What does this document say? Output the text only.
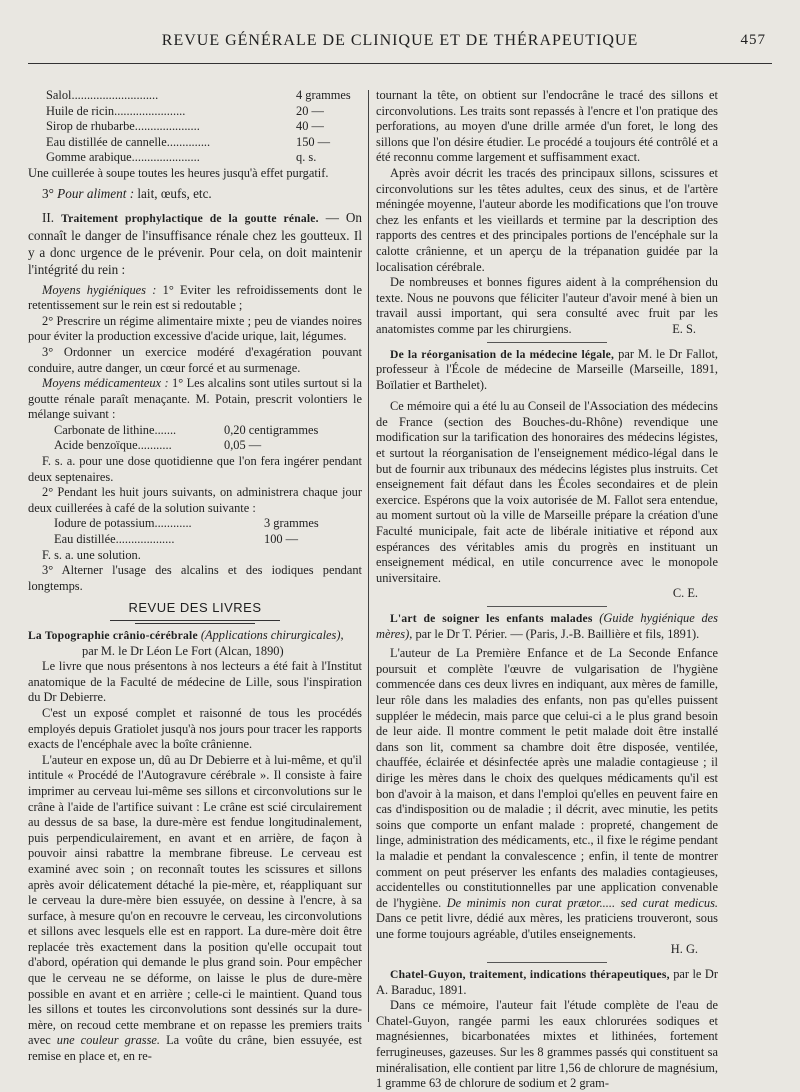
REVUE GÉNÉRALE DE CLINIQUE ET DE THÉRAPEUTIQUE	457
Salol............................	4 grammes
Huile de ricin.......................	20 —
Sirop de rhubarbe.....................	40 —
Eau distillée de cannelle..............	150 —
Gomme arabique......................	q. s.

Une cuillerée à soupe toutes les heures jusqu'à effet purgatif.

3° Pour aliment : lait, œufs, etc.

II. Traitement prophylactique de la goutte rénale. — On connaît le danger de l'insuffisance rénale chez les goutteux. Il y a donc urgence de le prévenir. Pour cela, on doit maintenir l'intégrité du rein :

Moyens hygiéniques : 1° Eviter les refroidissements dont le retentissement sur le rein est si redoutable ;

2° Prescrire un régime alimentaire mixte ; peu de viandes noires pour éviter la production excessive d'acide urique, lait, légumes.

3° Ordonner un exercice modéré d'exagération pouvant conduire, autre danger, un cœur forcé et au surmenage.

Moyens médicamenteux : 1° Les alcalins sont utiles surtout si la goutte rénale paraît menaçante. M. Potain, prescrit volontiers le mélange suivant :

Carbonate de lithine.......	0,20 centigrammes
Acide benzoïque...........	0,05 —

F. s. a. pour une dose quotidienne que l'on fera ingérer pendant deux septenaires.

2° Pendant les huit jours suivants, on administrera chaque jour deux cuillerées à café de la solution suivante :

Iodure de potassium............	3 grammes
Eau distillée...................	100 —

F. s. a. une solution.

3° Alterner l'usage des alcalins et des iodiques pendant longtemps.

REVUE DES LIVRES

La Topographie crânio-cérébrale (Applications chirurgicales),

par M. le Dr Léon Le Fort (Alcan, 1890)

Le livre que nous présentons à nos lecteurs a été fait à l'Institut anatomique de la Faculté de médecine de Lille, sous l'inspiration du Dr Debierre.

C'est un exposé complet et raisonné de tous les procédés employés depuis Gratiolet jusqu'à nos jours pour tracer les rapports exacts de l'encéphale avec la boîte crânienne.

L'auteur en expose un, dû au Dr Debierre et à lui-même, et qu'il intitule « Procédé de l'Autogravure cérébrale ». Il consiste à faire imprimer au cerveau lui-même ses sillons et circonvolutions sur le crâne à l'aide de l'artifice suivant : Le crâne est scié circulairement au dessus de sa base, la dure-mère est fendue longitudinalement, puis perpendiculairement, en avant et en arrière, de façon à pouvoir ainsi rabattre la membrane fibreuse. Le cerveau est examiné avec soin ; on reconnaît toutes les scissures et sillons après avoir délicatement détaché la pie-mère, et, réappliquant sur le cerveau la dure-mère bien essuyée, on dessine à l'encre, à sa surface, à mesure qu'on en recouvre le cerveau, les circonvolutions et sillons avec lesquels elle est en rapport. La dure-mère doit être replacée très exactement dans la position qu'elle occupait tout d'abord, opération qui demande le plus grand soin. Pour empêcher que le cerveau ne se déforme, on laisse le plus de dure-mère possible en avant et en arrière ; celle-ci le maintient. Quand tous les sillons et toutes les circonvolutions sont dessinés sur la dure-mère, on recoud cette membrane et on repasse les premiers traits avec une couleur grasse. La voûte du crâne, bien essuyée, est remise en place et, en re-

tournant la tête, on obtient sur l'endocrâne le tracé des sillons et circonvolutions. Les traits sont repassés à l'encre et l'on pratique des perforations, au moyen d'une drille armée d'un foret, le long des sillons que l'on désire étudier. Le procédé a toujours été contrôlé et a été reconnu comme largement et suffisamment exact.

Après avoir décrit les tracés des principaux sillons, scissures et circonvolutions sur les têtes adultes, ceux des sinus, et de l'artère méningée moyenne, l'auteur aborde les modifications que l'on trouve chez les enfants et les vieillards et termine par la description des rapports des centres et des principales portions de l'encéphale sur la calotte crânienne, et un aperçu de la trépanation guidée par la localisation cérébrale.

De nombreuses et bonnes figures aident à la compréhension du texte. Nous ne pouvons que féliciter l'auteur d'avoir mené à bien un travail aussi important, qui sera consulté avec fruit par les anatomistes comme par les chirurgiens.	E. S.

De la réorganisation de la médecine légale, par M. le Dr Fallot, professeur à l'École de médecine de Marseille (Marseille, 1891, Boïlatier et Barthelet).

Ce mémoire qui a été lu au Conseil de l'Association des médecins de France (section des Bouches-du-Rhône) revendique une modification sur la tarification des honoraires des médecins légistes, et surtout la réorganisation de l'enseignement médico-légal dans le but de fournir aux tribunaux des médecins légistes plus instruits. Cet enseignement fait défaut dans les Écoles secondaires et de plein exercice. Espérons que la voix autorisée de M. Fallot sera entendue, au moment surtout où la ville de Marseille prépare la création d'une Faculté municipale, fait acte de libérale initiative et répond aux espérances des véritables amis du progrès en instituant un enseignement médical, en utile concurrence avec le monopole universitaire.

C. E.

L'art de soigner les enfants malades (Guide hygiénique des mères), par le Dr T. Périer. — (Paris, J.-B. Baillière et fils, 1891).

L'auteur de La Première Enfance et de La Seconde Enfance poursuit et complète l'œuvre de vulgarisation de l'hygiène commencée dans ces deux livres en indiquant, aux mères de famille, leur rôle dans les maladies des enfants, non pas qu'elles puissent suppléer le médecin, mais parce que celui-ci a le plus grand besoin de leur aide. Il montre comment le petit malade doit être installé dans son lit, comment sa chambre doit être disposée, ventilée, chauffée, éclairée et désinfectée après une maladie contagieuse ; il dirige les mères dans le choix des quelques médicaments qu'il est bon d'avoir à la maison, et dans l'emploi qu'elles en peuvent faire en cas d'indisposition ou de maladie ; il décrit, avec minutie, les petits soins que comporte un enfant malade : propreté, changement de linge, administration des médicaments, etc., il fixe le régime pendant la maladie et pendant la convalescence ; enfin, il tente de montrer comment on peut préserver les enfants des maladies contagieuses, accidentelles ou constitutionnelles par une application convenable de l'hygiène. De minimis non curat prætor..... sed curat medicus. Dans ce petit livre, dédié aux mères, les praticiens trouveront, sous une forme toujours agréable, d'utiles enseignements.

H. G.

Chatel-Guyon, traitement, indications thérapeutiques, par le Dr A. Baraduc, 1891.

Dans ce mémoire, l'auteur fait l'étude complète de l'eau de Chatel-Guyon, rangée parmi les eaux chlorurées sodiques et magnésiennes, bicarbonatées mixtes et lithinées, fortement ferrugineuses, gazeuses. Sur les 8 grammes passés qui constituent sa minéralisation, elle contient par litre 1,56 de chlorure de magnésium, 1 gramme 63 de chlorure de sodium et 2 gram-
